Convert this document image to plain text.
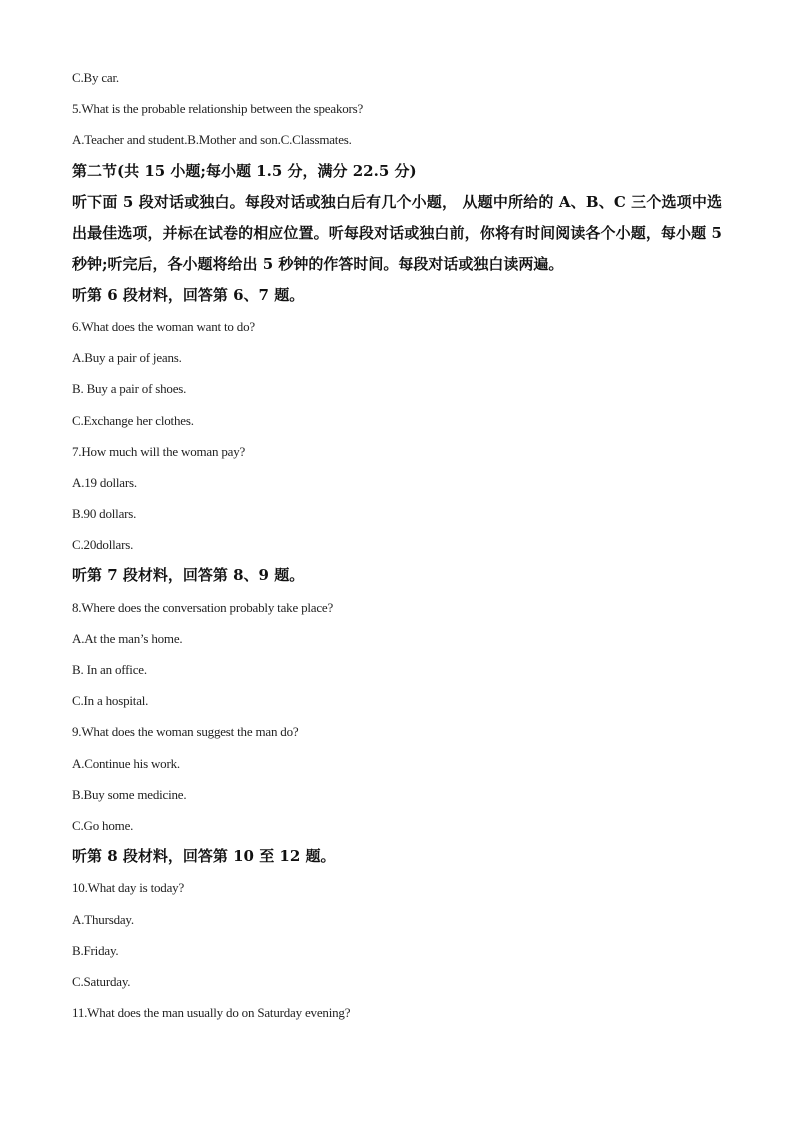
C.By car.
5.What is the probable relationship between the speakors?
A.Teacher and student.B.Mother and son.C.Classmates.
第二节(共 15 小题;每小题 1.5 分，满分 22.5 分)
听下面 5 段对话或独白。每段对话或独白后有几个小题， 从题中所给的 A、B、C 三个选项中选出最佳选项，并标在试卷的相应位置。听每段对话或独白前，你将有时间阅读各个小题，每小题 5 秒钟;听完后，各小题将给出 5 秒钟的作答时间。每段对话或独白读两遍。
听第 6 段材料，回答第 6、7 题。
6.What does the woman want to do?
A.Buy a pair of jeans.
B. Buy a pair of shoes.
C.Exchange her clothes.
7.How much will the woman pay?
A.19 dollars.
B.90 dollars.
C.20dollars.
听第 7 段材料，回答第 8、9 题。
8.Where does the conversation probably take place?
A.At the man’s home.
B. In an office.
C.In a hospital.
9.What does the woman suggest the man do?
A.Continue his work.
B.Buy some medicine.
C.Go home.
听第 8 段材料，回答第 10 至 12 题。
10.What day is today?
A.Thursday.
B.Friday.
C.Saturday.
11.What does the man usually do on Saturday evening?
